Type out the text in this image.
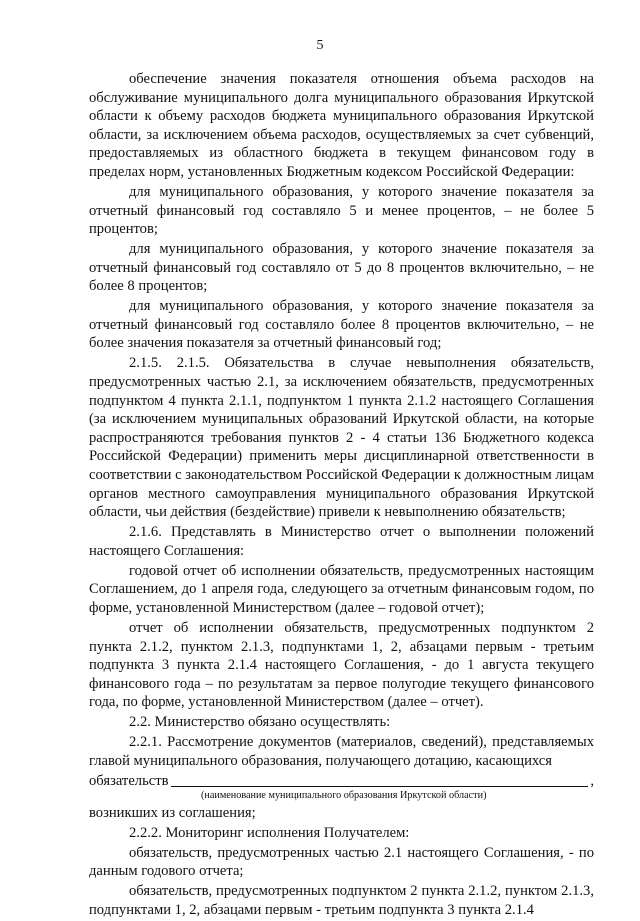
5

обеспечение значения показателя отношения объема расходов на обслуживание муниципального долга муниципального образования Иркутской области к объему расходов бюджета муниципального образования Иркутской области, за исключением объема расходов, осуществляемых за счет субвенций, предоставляемых из областного бюджета в текущем финансовом году в пределах норм, установленных Бюджетным кодексом Российской Федерации:

для муниципального образования, у которого значение показателя за отчетный финансовый год составляло 5 и менее процентов, – не более 5 процентов;

для муниципального образования, у которого значение показателя за отчетный финансовый год составляло от 5 до 8 процентов включительно, – не более 8 процентов;

для муниципального образования, у которого значение показателя за отчетный финансовый год составляло более 8 процентов включительно, – не более значения показателя за отчетный финансовый год;

2.1.5. 2.1.5. Обязательства в случае невыполнения обязательств, предусмотренных частью 2.1, за исключением обязательств, предусмотренных подпунктом 4 пункта 2.1.1, подпунктом 1 пункта 2.1.2 настоящего Соглашения (за исключением муниципальных образований Иркутской области, на которые распространяются требования пунктов 2 - 4 статьи 136 Бюджетного кодекса Российской Федерации) применить меры дисциплинарной ответственности в соответствии с законодательством Российской Федерации к должностным лицам органов местного самоуправления муниципального образования Иркутской области, чьи действия (бездействие) привели к невыполнению обязательств;

2.1.6. Представлять в Министерство отчет о выполнении положений настоящего Соглашения:

годовой отчет об исполнении обязательств, предусмотренных настоящим Соглашением, до 1 апреля года, следующего за отчетным финансовым годом, по форме, установленной Министерством (далее – годовой отчет);

отчет об исполнении обязательств, предусмотренных подпунктом 2 пункта 2.1.2, пунктом 2.1.3, подпунктами 1, 2, абзацами первым - третьим подпункта 3 пункта 2.1.4 настоящего Соглашения, - до 1 августа текущего финансового года – по результатам за первое полугодие текущего финансового года, по форме, установленной Министерством (далее – отчет).

2.2. Министерство обязано осуществлять:

2.2.1. Рассмотрение документов (материалов, сведений), представляемых главой муниципального образования, получающего дотацию, касающихся

обязательств	,
(наименование муниципального образования Иркутской области)

возникших из соглашения;

2.2.2. Мониторинг исполнения Получателем:

обязательств, предусмотренных частью 2.1 настоящего Соглашения, - по данным годового отчета;

обязательств, предусмотренных подпунктом 2 пункта 2.1.2, пунктом 2.1.3, подпунктами 1, 2, абзацами первым - третьим подпункта 3 пункта 2.1.4
